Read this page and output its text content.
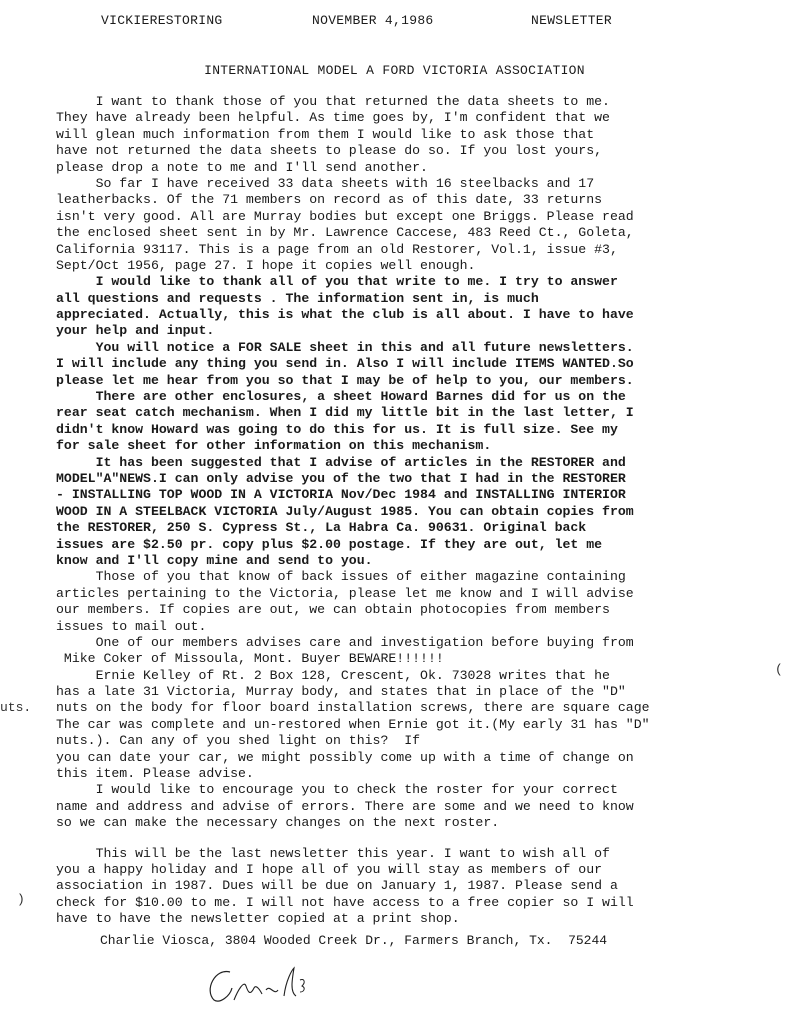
VICKIERESTORING	NOVEMBER 4,1986	NEWSLETTER
INTERNATIONAL MODEL A FORD VICTORIA ASSOCIATION
I want to thank those of you that returned the data sheets to me.
They have already been helpful. As time goes by, I'm confident that we
will glean much information from them I would like to ask those that
have not returned the data sheets to please do so. If you lost yours,
please drop a note to me and I'll send another.
So far I have received 33 data sheets with 16 steelbacks and 17
leatherbacks. Of the 71 members on record as of this date, 33 returns
isn't very good. All are Murray bodies but except one Briggs. Please read
the enclosed sheet sent in by Mr. Lawrence Caccese, 483 Reed Ct., Goleta,
California 93117. This is a page from an old Restorer, Vol.1, issue #3,
Sept/Oct 1956, page 27. I hope it copies well enough.
I would like to thank all of you that write to me. I try to answer
all questions and requests . The information sent in, is much
appreciated. Actually, this is what the club is all about. I have to have
your help and input.
You will notice a FOR SALE sheet in this and all future newsletters.
I will include any thing you send in. Also I will include ITEMS WANTED.So
please let me hear from you so that I may be of help to you, our members.
There are other enclosures, a sheet Howard Barnes did for us on the
rear seat catch mechanism. When I did my little bit in the last letter, I
didn't know Howard was going to do this for us. It is full size. See my
for sale sheet for other information on this mechanism.
It has been suggested that I advise of articles in the RESTORER and
MODEL"A"NEWS.I can only advise you of the two that I had in the RESTORER
- INSTALLING TOP WOOD IN A VICTORIA Nov/Dec 1984 and INSTALLING INTERIOR
WOOD IN A STEELBACK VICTORIA July/August 1985. You can obtain copies from
the RESTORER, 250 S. Cypress St., La Habra Ca. 90631. Original back
issues are $2.50 pr. copy plus $2.00 postage. If they are out, let me
know and I'll copy mine and send to you.
Those of you that know of back issues of either magazine containing
articles pertaining to the Victoria, please let me know and I will advise
our members. If copies are out, we can obtain photocopies from members
issues to mail out.
One of our members advises care and investigation before buying from
Mike Coker of Missoula, Mont. Buyer BEWARE!!!!!!
Ernie Kelley of Rt. 2 Box 128, Crescent, Ok. 73028 writes that he
has a late 31 Victoria, Murray body, and states that in place of the "D"
nuts on the body for floor board installation screws, there are square cage
The car was complete and un-restored when Ernie got it.(My early 31 has "D"
nuts.). Can any of you shed light on this?  If
you can date your car, we might possibly come up with a time of change on
this item. Please advise.
I would like to encourage you to check the roster for your correct
name and address and advise of errors. There are some and we need to know
so we can make the necessary changes on the next roster.
This will be the last newsletter this year. I want to wish all of
you a happy holiday and I hope all of you will stay as members of our
association in 1987. Dues will be due on January 1, 1987. Please send a
check for $10.00 to me. I will not have access to a free copier so I will
have to have the newsletter copied at a print shop.
uts.
(
)
Charlie Viosca, 3804 Wooded Creek Dr., Farmers Branch, Tx.  75244
